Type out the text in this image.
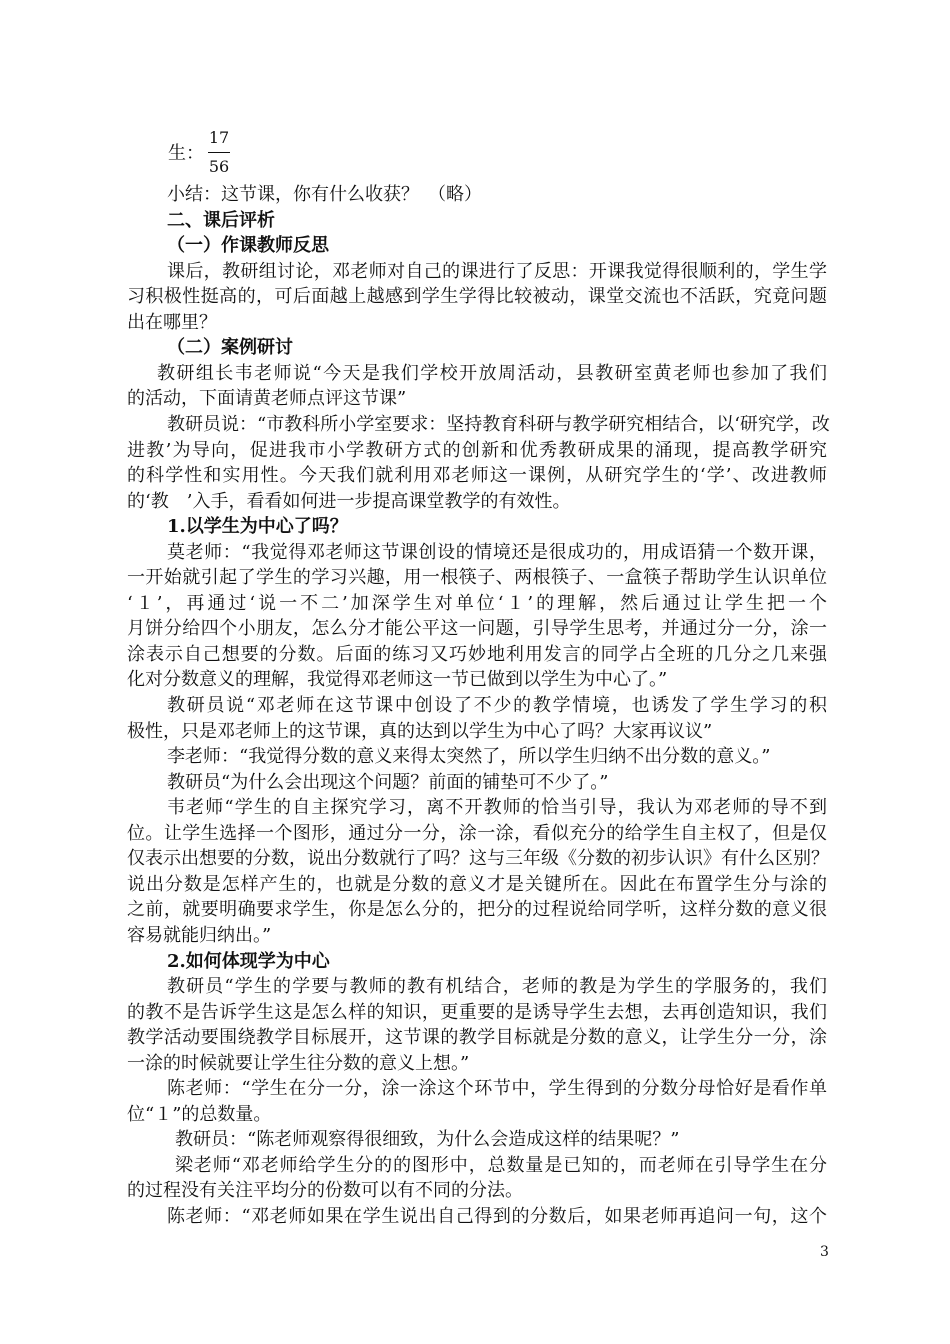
生： $\frac{17}{56}$
小结：这节课，你有什么收获？　（略）
二、课后评析
（一）作课教师反思
课后，教研组讨论，邓老师对自己的课进行了反思：开课我觉得很顺利的，学生学
习积极性挺高的，可后面越上越感到学生学得比较被动，课堂交流也不活跃，究竟问题
出在哪里？
（二）案例研讨
教研组长韦老师说“今天是我们学校开放周活动，县教研室黄老师也参加了我们
的活动，下面请黄老师点评这节课”
教研员说：“市教科所小学室要求：坚持教育科研与教学研究相结合，以‘研究学，改
进教’为导向，促进我市小学教研方式的创新和优秀教研成果的涌现，提高教学研究
的科学性和实用性。今天我们就利用邓老师这一课例，从研究学生的‘学’、改进教师
的‘教　’入手，看看如何进一步提高课堂教学的有效性。
1.以学生为中心了吗？
莫老师：“我觉得邓老师这节课创设的情境还是很成功的，用成语猜一个数开课，
一开始就引起了学生的学习兴趣，用一根筷子、两根筷子、一盒筷子帮助学生认识单位
‘１’，再通过‘说一不二’加深学生对单位‘１’的理解，然后通过让学生把一个
月饼分给四个小朋友，怎么分才能公平这一问题，引导学生思考，并通过分一分，涂一
涂表示自己想要的分数。后面的练习又巧妙地利用发言的同学占全班的几分之几来强
化对分数意义的理解，我觉得邓老师这一节已做到以学生为中心了。”
教研员说“邓老师在这节课中创设了不少的教学情境，也诱发了学生学习的积
极性，只是邓老师上的这节课，真的达到以学生为中心了吗？大家再议议”
李老师：“我觉得分数的意义来得太突然了，所以学生归纳不出分数的意义。”
教研员“为什么会出现这个问题？前面的铺垫可不少了。”
韦老师“学生的自主探究学习，离不开教师的恰当引导，我认为邓老师的导不到
位。让学生选择一个图形，通过分一分，涂一涂，看似充分的给学生自主权了，但是仅
仅表示出想要的分数，说出分数就行了吗？这与三年级《分数的初步认识》有什么区别？
说出分数是怎样产生的，也就是分数的意义才是关键所在。因此在布置学生分与涂的
之前，就要明确要求学生，你是怎么分的，把分的过程说给同学听，这样分数的意义很
容易就能归纳出。”
2.如何体现学为中心
教研员“学生的学要与教师的教有机结合，老师的教是为学生的学服务的，我们
的教不是告诉学生这是怎么样的知识，更重要的是诱导学生去想，去再创造知识，我们
教学活动要围绕教学目标展开，这节课的教学目标就是分数的意义，让学生分一分，涂
一涂的时候就要让学生往分数的意义上想。”
陈老师：“学生在分一分，涂一涂这个环节中，学生得到的分数分母恰好是看作单
位“１”的总数量。
教研员：“陈老师观察得很细致，为什么会造成这样的结果呢？”
梁老师“邓老师给学生分的的图形中，总数量是已知的，而老师在引导学生在分
的过程没有关注平均分的份数可以有不同的分法。
陈老师：“邓老师如果在学生说出自己得到的分数后，如果老师再追问一句，这个
3
